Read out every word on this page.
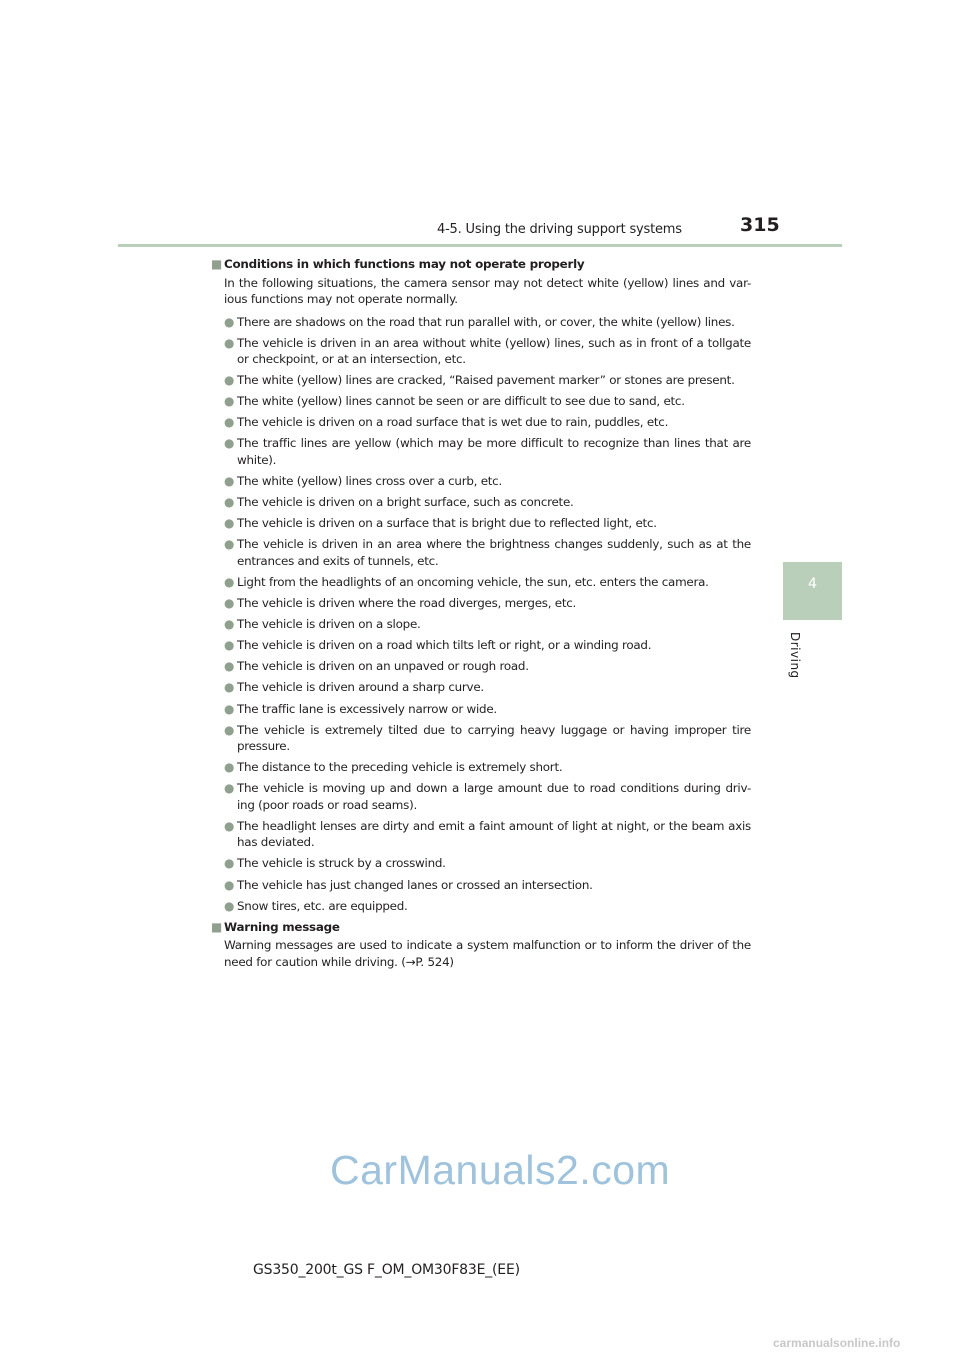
4-5. Using the driving support systems	315
4
Driving
■ Conditions in which functions may not operate properly
In the following situations, the camera sensor may not detect white (yellow) lines and var- ious functions may not operate normally.
● There are shadows on the road that run parallel with, or cover, the white (yellow) lines.
● The vehicle is driven in an area without white (yellow) lines, such as in front of a tollgate or checkpoint, or at an intersection, etc.
● The white (yellow) lines are cracked, “Raised pavement marker” or stones are present.
● The white (yellow) lines cannot be seen or are difficult to see due to sand, etc.
● The vehicle is driven on a road surface that is wet due to rain, puddles, etc.
● The traffic lines are yellow (which may be more difficult to recognize than lines that are white).
● The white (yellow) lines cross over a curb, etc.
● The vehicle is driven on a bright surface, such as concrete.
● The vehicle is driven on a surface that is bright due to reflected light, etc.
● The vehicle is driven in an area where the brightness changes suddenly, such as at the entrances and exits of tunnels, etc.
● Light from the headlights of an oncoming vehicle, the sun, etc. enters the camera.
● The vehicle is driven where the road diverges, merges, etc.
● The vehicle is driven on a slope.
● The vehicle is driven on a road which tilts left or right, or a winding road.
● The vehicle is driven on an unpaved or rough road.
● The vehicle is driven around a sharp curve.
● The traffic lane is excessively narrow or wide.
● The vehicle is extremely tilted due to carrying heavy luggage or having improper tire pressure.
● The distance to the preceding vehicle is extremely short.
● The vehicle is moving up and down a large amount due to road conditions during driv- ing (poor roads or road seams).
● The headlight lenses are dirty and emit a faint amount of light at night, or the beam axis has deviated.
● The vehicle is struck by a crosswind.
● The vehicle has just changed lanes or crossed an intersection.
● Snow tires, etc. are equipped.
■ Warning message
Warning messages are used to indicate a system malfunction or to inform the driver of the need for caution while driving. (→P. 524)
CarManuals2.com
GS350_200t_GS F_OM_OM30F83E_(EE)
carmanualsonline.info
